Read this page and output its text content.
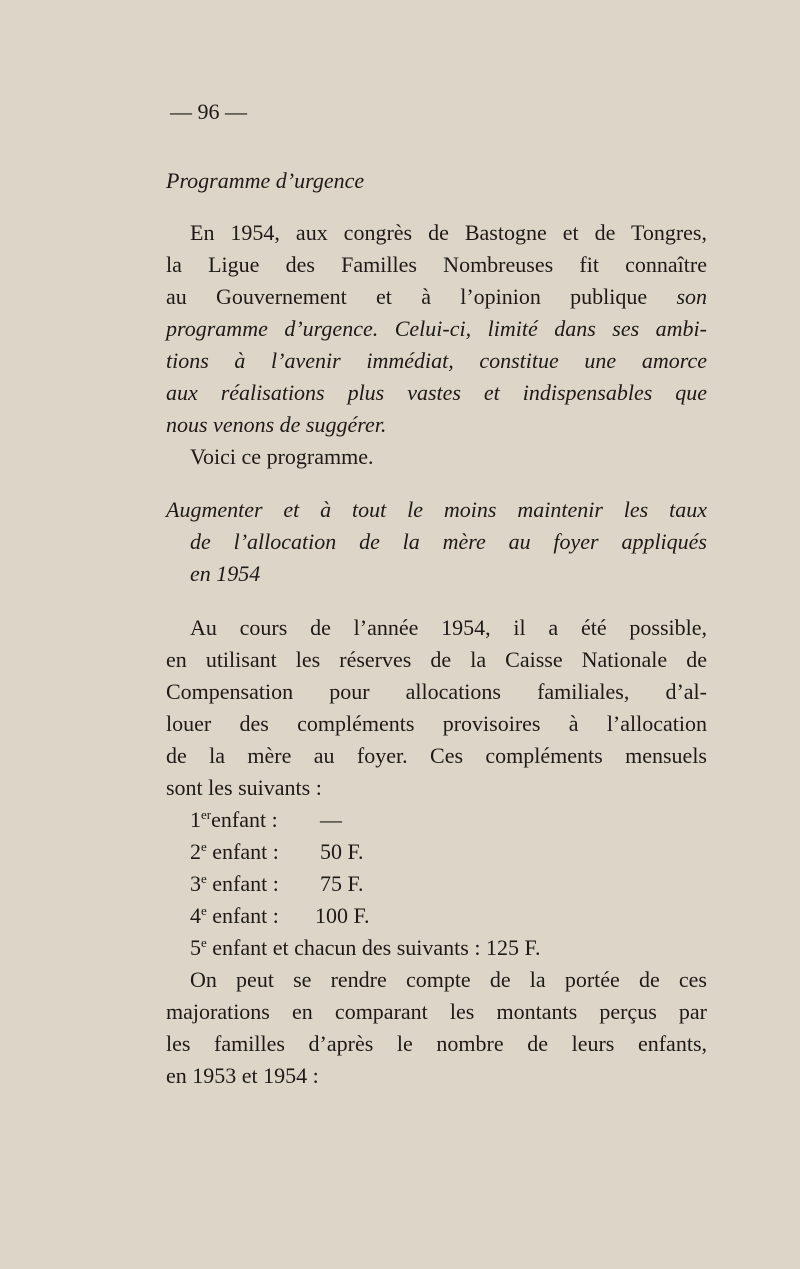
— 96 —
Programme d’urgence
En 1954, aux congrès de Bastogne et de Tongres,
la Ligue des Familles Nombreuses fit connaître
au Gouvernement et à l’opinion publique son
programme d’urgence. Celui-ci, limité dans ses ambi-
tions à l’avenir immédiat, constitue une amorce
aux réalisations plus vastes et indispensables que
nous venons de suggérer.
Voici ce programme.
Augmenter et à tout le moins maintenir les taux
de l’allocation de la mère au foyer appliqués
en 1954
Au cours de l’année 1954, il a été possible,
en utilisant les réserves de la Caisse Nationale de
Compensation pour allocations familiales, d’al-
louer des compléments provisoires à l’allocation
de la mère au foyer. Ces compléments mensuels
sont les suivants :
1erenfant : —
2e enfant : 50 F.
3e enfant : 75 F.
4e enfant : 100 F.
5e enfant et chacun des suivants : 125 F.
On peut se rendre compte de la portée de ces
majorations en comparant les montants perçus par
les familles d’après le nombre de leurs enfants,
en 1953 et 1954 :
